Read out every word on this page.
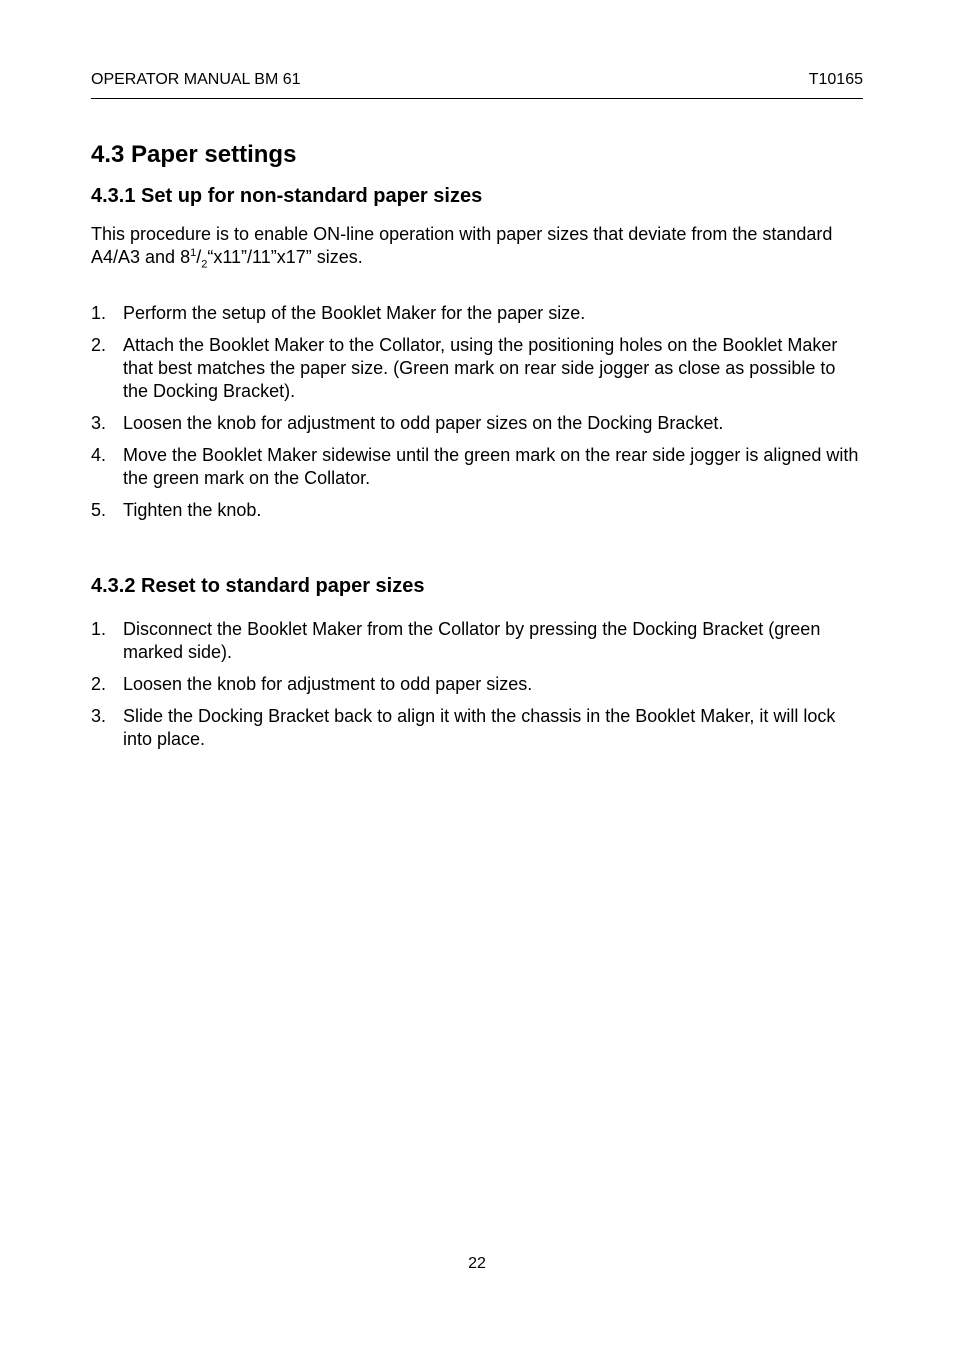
OPERATOR MANUAL BM 61	T10165
4.3 Paper settings
4.3.1 Set up for non-standard paper sizes

This procedure is to enable ON-line operation with paper sizes that deviate from the standard A4/A3 and $8^1/_2“x11”/11”x17$” sizes.

1. Perform the setup of the Booklet Maker for the paper size.
2. Attach the Booklet Maker to the Collator, using the positioning holes on the Booklet Maker that best matches the paper size. (Green mark on rear side jogger as close as possible to the Docking Bracket).
3. Loosen the knob for adjustment to odd paper sizes on the Docking Bracket.
4. Move the Booklet Maker sidewise until the green mark on the rear side jogger is aligned with the green mark on the Collator.
5. Tighten the knob.
4.3.2 Reset to standard paper sizes
1. Disconnect the Booklet Maker from the Collator by pressing the Docking Bracket (green marked side).
2. Loosen the knob for adjustment to odd paper sizes.
3. Slide the Docking Bracket back to align it with the chassis in the Booklet Maker, it will lock into place.
22
